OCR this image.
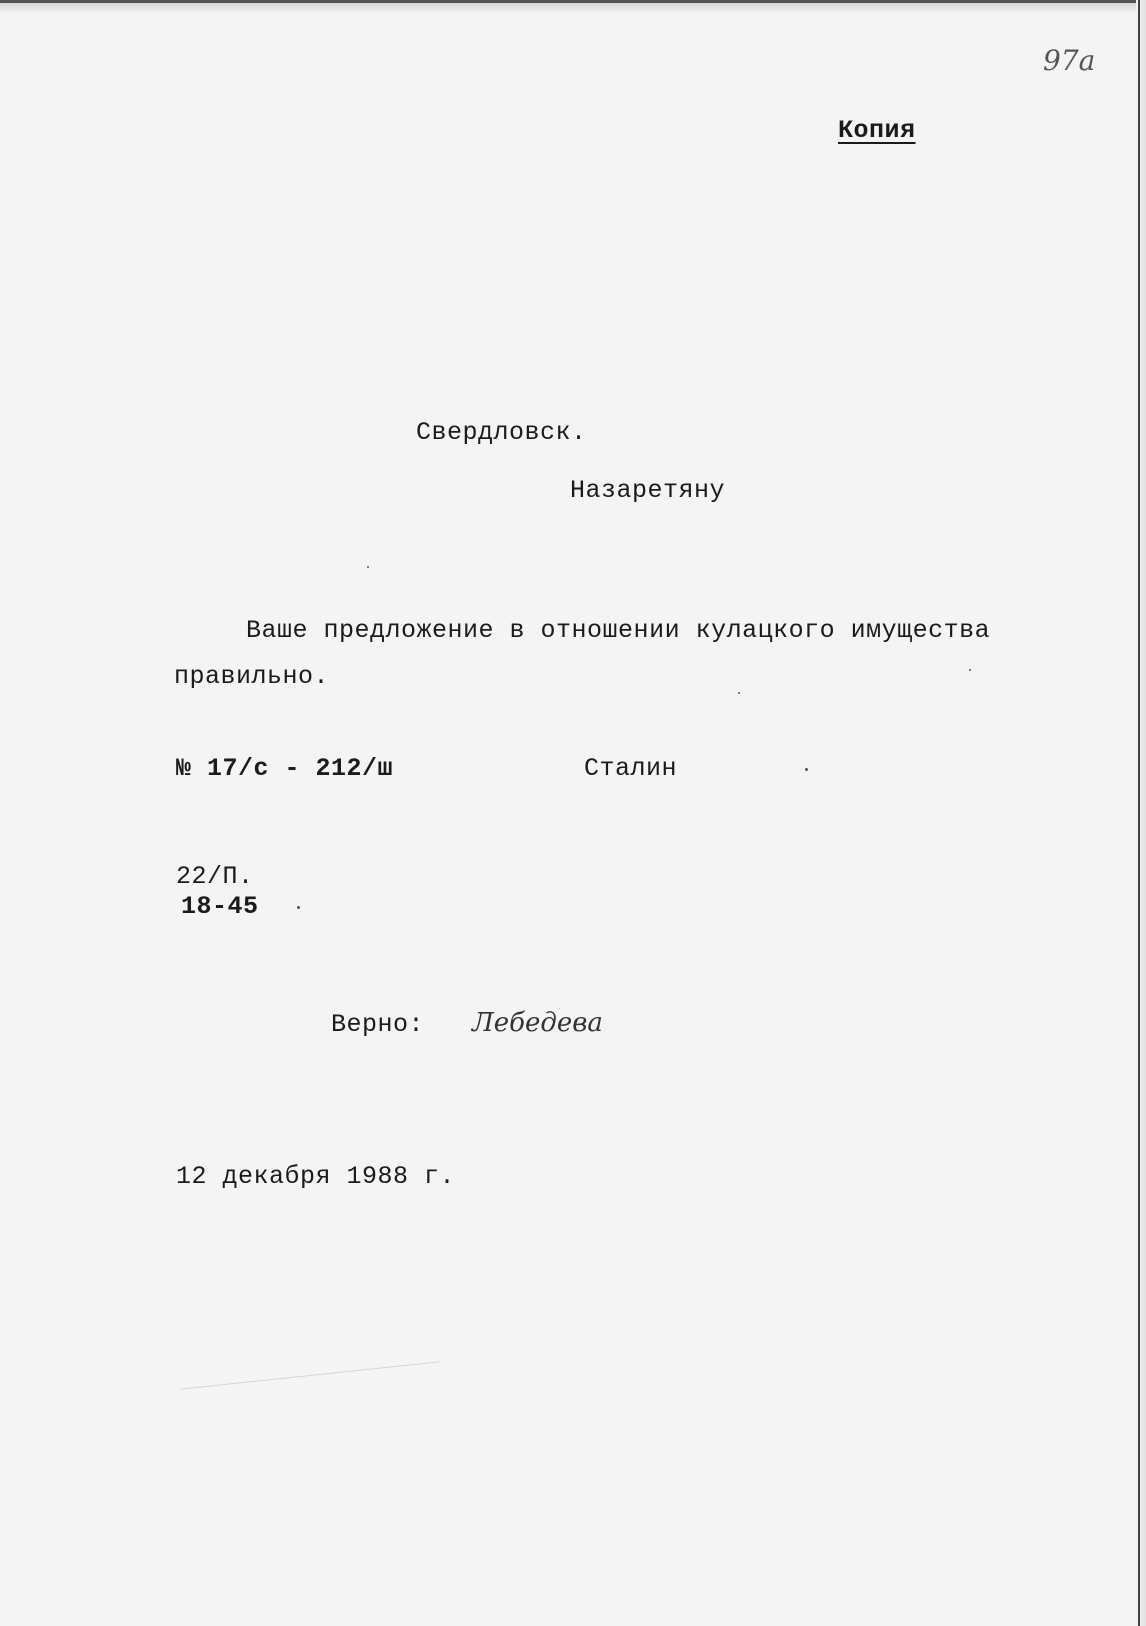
97а
Копия
Свердловск.
Назаретяну
Ваше предложение в отношении кулацкого имущества
правильно.
№ 17/с - 212/ш	Сталин
22/П.
18-45
Верно: Лебедева
12 декабря 1988 г.
